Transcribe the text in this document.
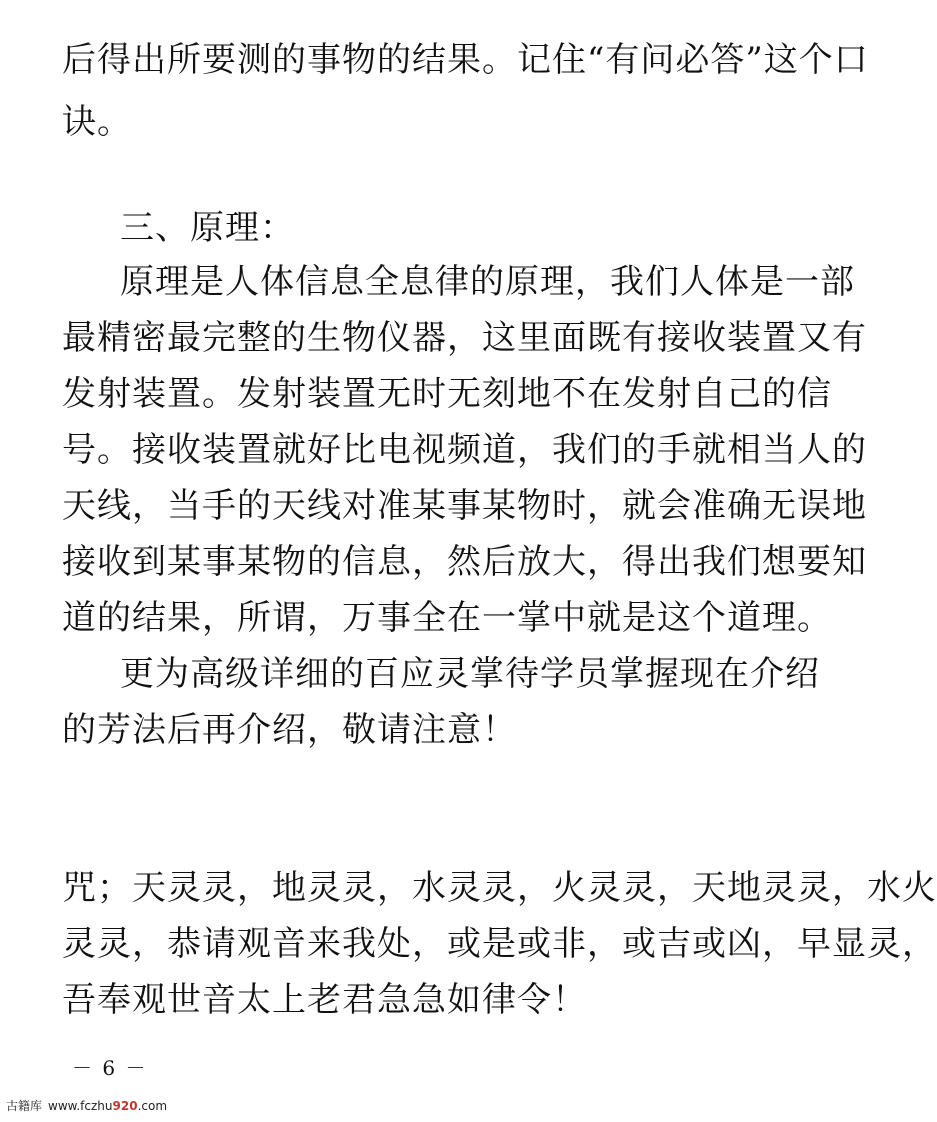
后得出所要测的事物的结果。记住“有问必答”这个口
诀。
三、原理：
原理是人体信息全息律的原理，我们人体是一部
最精密最完整的生物仪器，这里面既有接收装置又有
发射装置。发射装置无时无刻地不在发射自己的信
号。接收装置就好比电视频道，我们的手就相当人的
天线，当手的天线对准某事某物时，就会准确无误地
接收到某事某物的信息，然后放大，得出我们想要知
道的结果，所谓，万事全在一掌中就是这个道理。
更为高级详细的百应灵掌待学员掌握现在介绍
的芳法后再介绍，敬请注意！
咒；天灵灵，地灵灵，水灵灵，火灵灵，天地灵灵，水火
灵灵，恭请观音来我处，或是或非，或吉或凶，早显灵，
吾奉观世音太上老君急急如律令！
－ 6 －
古籍库 www.fczhu920.com
